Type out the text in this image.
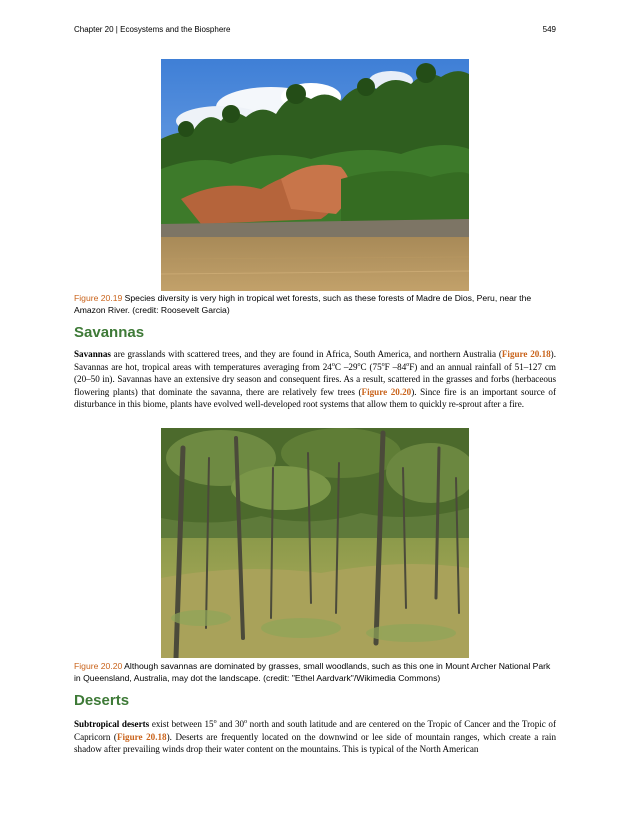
Chapter 20 | Ecosystems and the Biosphere	549
Figure 20.19 Species diversity is very high in tropical wet forests, such as these forests of Madre de Dios, Peru, near the Amazon River. (credit: Roosevelt Garcia)
Savannas

Savannas are grasslands with scattered trees, and they are found in Africa, South America, and northern Australia (Figure 20.18). Savannas are hot, tropical areas with temperatures averaging from 24$^o$C –29$^o$C (75$^o$F –84$^o$F) and an annual rainfall of 51–127 cm (20–50 in). Savannas have an extensive dry season and consequent fires. As a result, scattered in the grasses and forbs (herbaceous flowering plants) that dominate the savanna, there are relatively few trees (Figure 20.20). Since fire is an important source of disturbance in this biome, plants have evolved well-developed root systems that allow them to quickly re-sprout after a fire.

Figure 20.20 Although savannas are dominated by grasses, small woodlands, such as this one in Mount Archer National Park in Queensland, Australia, may dot the landscape. (credit: "Ethel Aardvark"/Wikimedia Commons)
Deserts

Subtropical deserts exist between 15$^o$ and 30$^o$ north and south latitude and are centered on the Tropic of Cancer and the Tropic of Capricorn (Figure 20.18). Deserts are frequently located on the downwind or lee side of mountain ranges, which create a rain shadow after prevailing winds drop their water content on the mountains. This is typical of the North American
